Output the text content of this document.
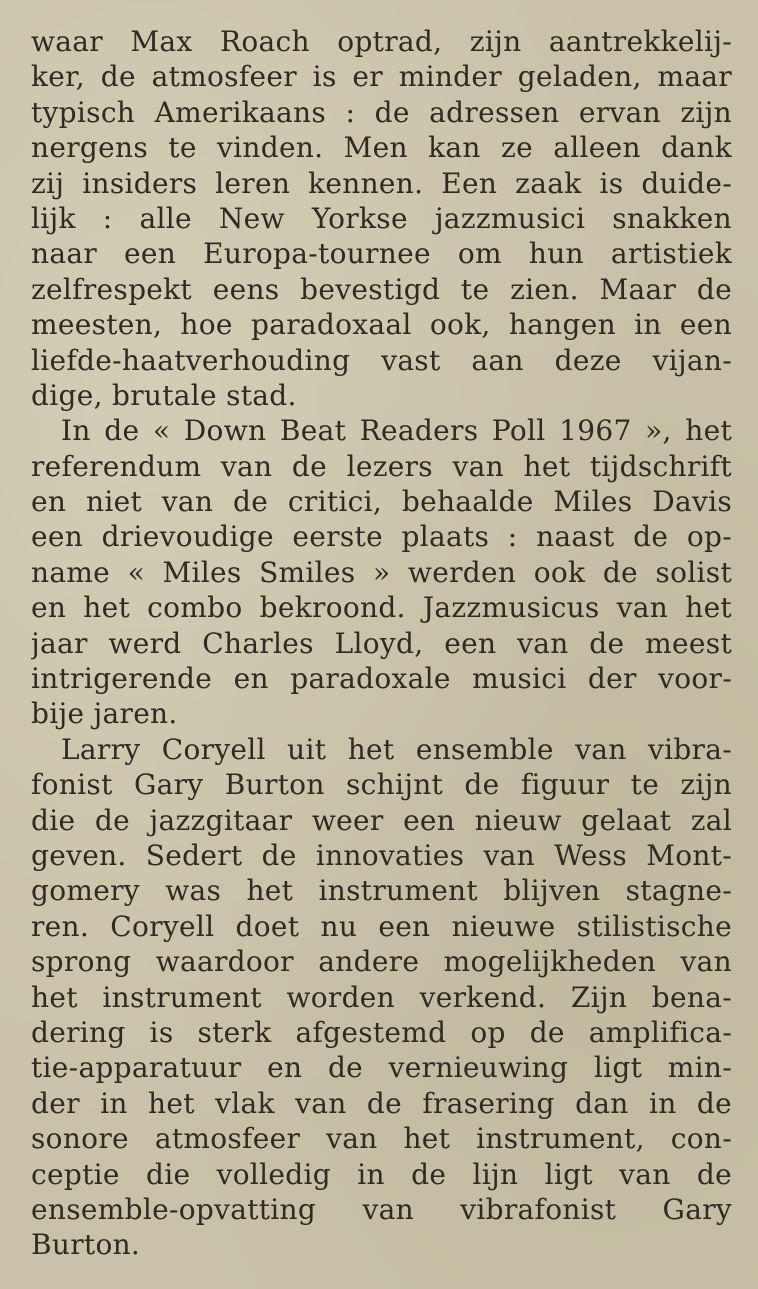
waar Max Roach optrad, zijn aantrekkelij-
ker, de atmosfeer is er minder geladen, maar
typisch Amerikaans : de adressen ervan zijn
nergens te vinden. Men kan ze alleen dank
zij insiders leren kennen. Een zaak is duide-
lijk : alle New Yorkse jazzmusici snakken
naar een Europa-tournee om hun artistiek
zelfrespekt eens bevestigd te zien. Maar de
meesten, hoe paradoxaal ook, hangen in een
liefde-haatverhouding vast aan deze vijan-
dige, brutale stad.
In de « Down Beat Readers Poll 1967 », het
referendum van de lezers van het tijdschrift
en niet van de critici, behaalde Miles Davis
een drievoudige eerste plaats : naast de op-
name « Miles Smiles » werden ook de solist
en het combo bekroond. Jazzmusicus van het
jaar werd Charles Lloyd, een van de meest
intrigerende en paradoxale musici der voor-
bije jaren.
Larry Coryell uit het ensemble van vibra-
fonist Gary Burton schijnt de figuur te zijn
die de jazzgitaar weer een nieuw gelaat zal
geven. Sedert de innovaties van Wess Mont-
gomery was het instrument blijven stagne-
ren. Coryell doet nu een nieuwe stilistische
sprong waardoor andere mogelijkheden van
het instrument worden verkend. Zijn bena-
dering is sterk afgestemd op de amplifica-
tie-apparatuur en de vernieuwing ligt min-
der in het vlak van de frasering dan in de
sonore atmosfeer van het instrument, con-
ceptie die volledig in de lijn ligt van de
ensemble-opvatting van vibrafonist Gary
Burton.
